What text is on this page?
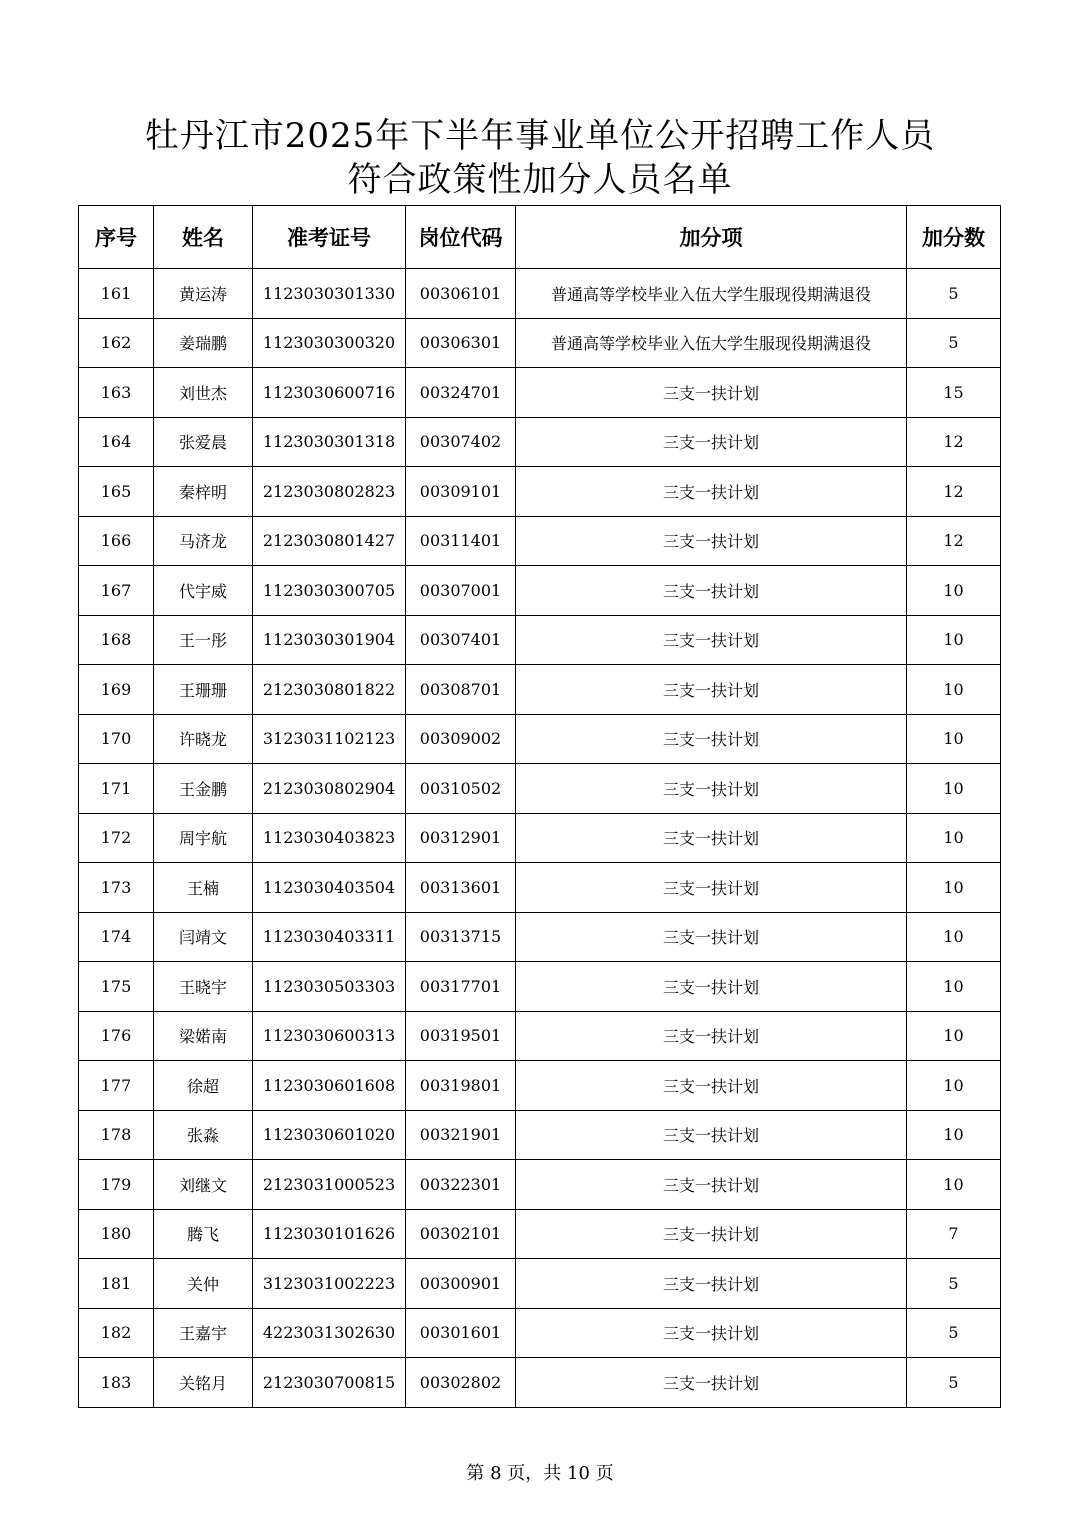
牡丹江市2025年下半年事业单位公开招聘工作人员
符合政策性加分人员名单
序号	姓名	准考证号	岗位代码	加分项	加分数
161	黄运涛	1123030301330	00306101	普通高等学校毕业入伍大学生服现役期满退役	5
162	姜瑞鹏	1123030300320	00306301	普通高等学校毕业入伍大学生服现役期满退役	5
163	刘世杰	1123030600716	00324701	三支一扶计划	15
164	张爱晨	1123030301318	00307402	三支一扶计划	12
165	秦梓明	2123030802823	00309101	三支一扶计划	12
166	马济龙	2123030801427	00311401	三支一扶计划	12
167	代宇威	1123030300705	00307001	三支一扶计划	10
168	王一彤	1123030301904	00307401	三支一扶计划	10
169	王珊珊	2123030801822	00308701	三支一扶计划	10
170	许晓龙	3123031102123	00309002	三支一扶计划	10
171	王金鹏	2123030802904	00310502	三支一扶计划	10
172	周宇航	1123030403823	00312901	三支一扶计划	10
173	王楠	1123030403504	00313601	三支一扶计划	10
174	闫靖文	1123030403311	00313715	三支一扶计划	10
175	王晓宇	1123030503303	00317701	三支一扶计划	10
176	梁婼南	1123030600313	00319501	三支一扶计划	10
177	徐超	1123030601608	00319801	三支一扶计划	10
178	张淼	1123030601020	00321901	三支一扶计划	10
179	刘继文	2123031000523	00322301	三支一扶计划	10
180	腾飞	1123030101626	00302101	三支一扶计划	7
181	关仲	3123031002223	00300901	三支一扶计划	5
182	王嘉宇	4223031302630	00301601	三支一扶计划	5
183	关铭月	2123030700815	00302802	三支一扶计划	5
第 8 页，共 10 页
